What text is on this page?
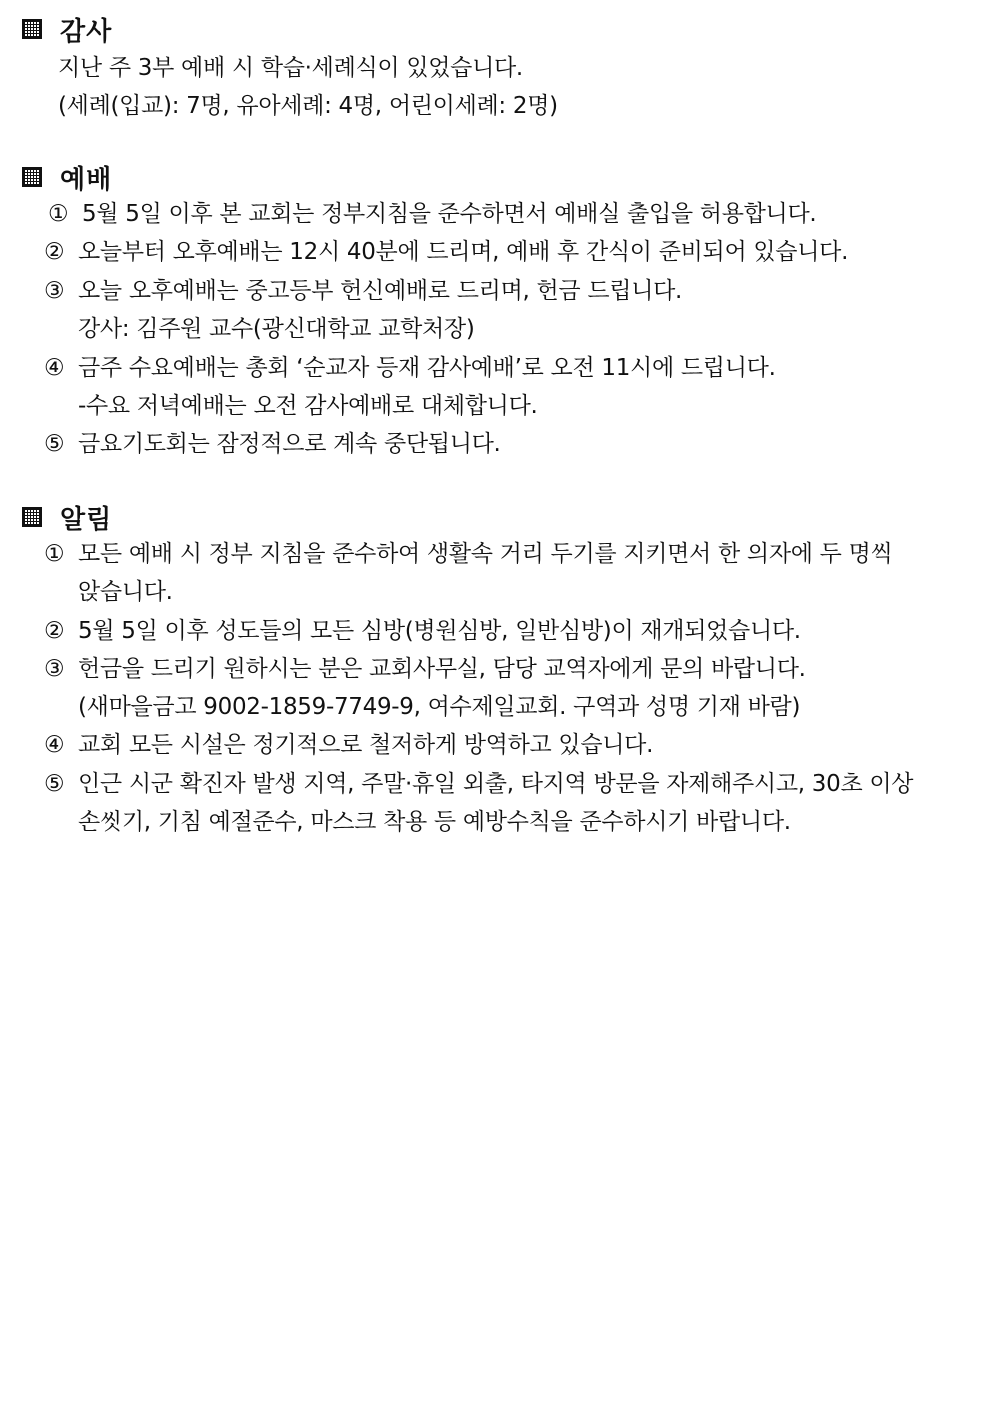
감사
지난 주 3부 예배 시 학습·세례식이 있었습니다.
(세례(입교): 7명, 유아세례: 4명, 어린이세례: 2명)
예배
① 5월 5일 이후 본 교회는 정부지침을 준수하면서 예배실 출입을 허용합니다.
② 오늘부터 오후예배는 12시 40분에 드리며, 예배 후 간식이 준비되어 있습니다.
③ 오늘 오후예배는 중고등부 헌신예배로 드리며, 헌금 드립니다.
강사: 김주원 교수(광신대학교 교학처장)
④ 금주 수요예배는 총회 ‘순교자 등재 감사예배’로 오전 11시에 드립니다.
-수요 저녁예배는 오전 감사예배로 대체합니다.
⑤ 금요기도회는 잠정적으로 계속 중단됩니다.
알림
① 모든 예배 시 정부 지침을 준수하여 생활속 거리 두기를 지키면서 한 의자에 두 명씩
앉습니다.
② 5월 5일 이후 성도들의 모든 심방(병원심방, 일반심방)이 재개되었습니다.
③ 헌금을 드리기 원하시는 분은 교회사무실, 담당 교역자에게 문의 바랍니다.
(새마을금고 9002-1859-7749-9, 여수제일교회. 구역과 성명 기재 바람)
④ 교회 모든 시설은 정기적으로 철저하게 방역하고 있습니다.
⑤ 인근 시군 확진자 발생 지역, 주말·휴일 외출, 타지역 방문을 자제해주시고, 30초 이상
손씻기, 기침 예절준수, 마스크 착용 등 예방수칙을 준수하시기 바랍니다.
